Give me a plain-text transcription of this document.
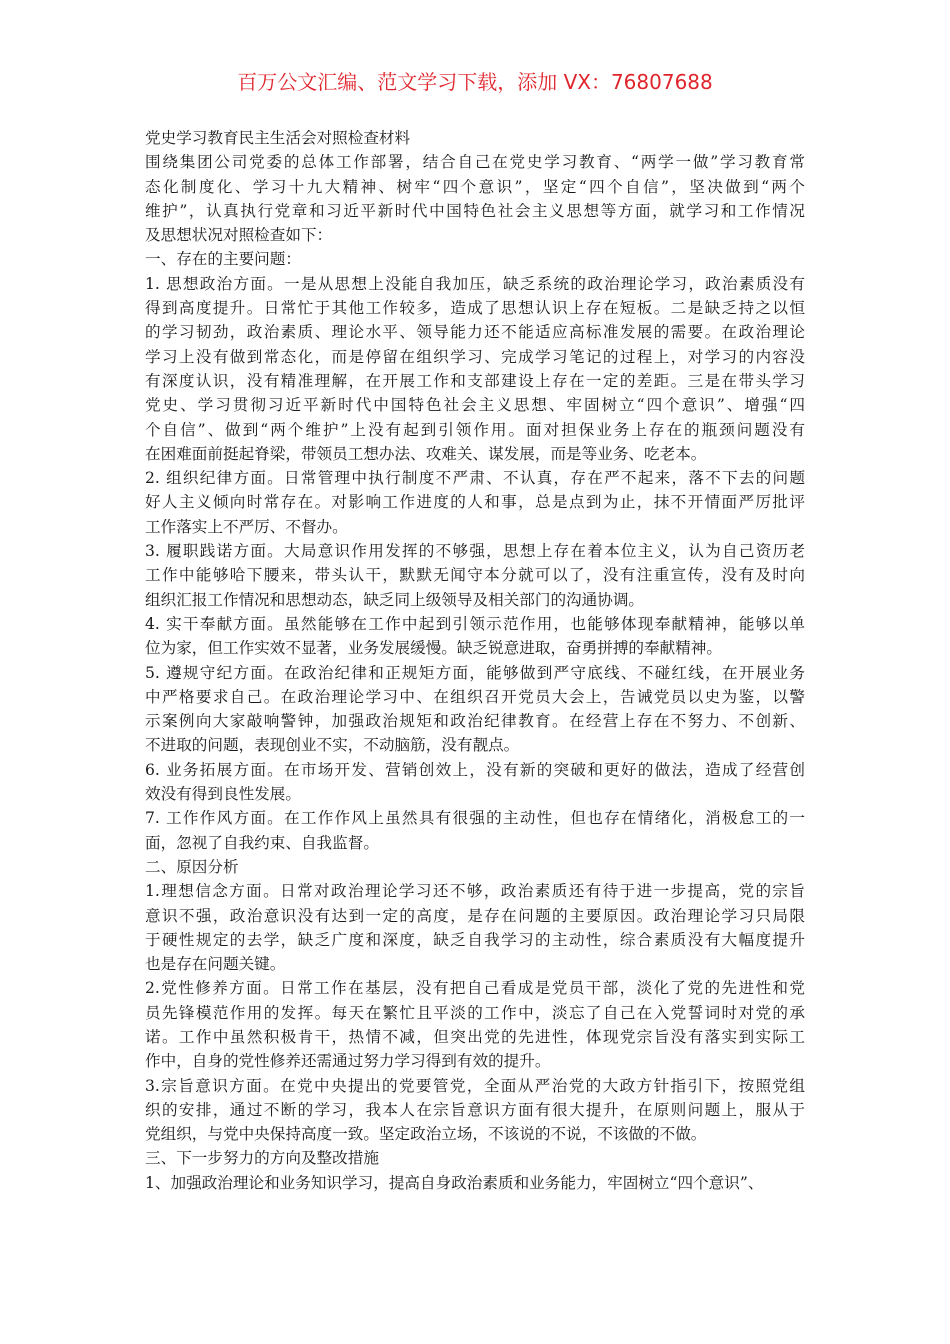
百万公文汇编、范文学习下载，添加 VX：76807688
党史学习教育民主生活会对照检查材料
围绕集团公司党委的总体工作部署，结合自己在党史学习教育、“两学一做”学习教育常
态化制度化、学习十九大精神、树牢“四个意识”，坚定“四个自信”，坚决做到“两个
维护”，认真执行党章和习近平新时代中国特色社会主义思想等方面，就学习和工作情况
及思想状况对照检查如下：
一、存在的主要问题：
1. 思想政治方面。一是从思想上没能自我加压，缺乏系统的政治理论学习，政治素质没有
得到高度提升。日常忙于其他工作较多，造成了思想认识上存在短板。二是缺乏持之以恒
的学习韧劲，政治素质、理论水平、领导能力还不能适应高标准发展的需要。在政治理论
学习上没有做到常态化，而是停留在组织学习、完成学习笔记的过程上，对学习的内容没
有深度认识，没有精准理解，在开展工作和支部建设上存在一定的差距。三是在带头学习
党史、学习贯彻习近平新时代中国特色社会主义思想、牢固树立“四个意识”、增强“四
个自信”、做到“两个维护”上没有起到引领作用。面对担保业务上存在的瓶颈问题没有
在困难面前挺起脊梁，带领员工想办法、攻难关、谋发展，而是等业务、吃老本。
2. 组织纪律方面。日常管理中执行制度不严肃、不认真，存在严不起来，落不下去的问题
好人主义倾向时常存在。对影响工作进度的人和事，总是点到为止，抹不开情面严厉批评
工作落实上不严厉、不督办。
3. 履职践诺方面。大局意识作用发挥的不够强，思想上存在着本位主义，认为自己资历老
工作中能够哈下腰来，带头认干，默默无闻守本分就可以了，没有注重宣传，没有及时向
组织汇报工作情况和思想动态，缺乏同上级领导及相关部门的沟通协调。
4. 实干奉献方面。虽然能够在工作中起到引领示范作用，也能够体现奉献精神，能够以单
位为家，但工作实效不显著，业务发展缓慢。缺乏锐意进取，奋勇拼搏的奉献精神。
5. 遵规守纪方面。在政治纪律和正规矩方面，能够做到严守底线、不碰红线，在开展业务
中严格要求自己。在政治理论学习中、在组织召开党员大会上，告诫党员以史为鉴，以警
示案例向大家敲响警钟，加强政治规矩和政治纪律教育。在经营上存在不努力、不创新、
不进取的问题，表现创业不实，不动脑筋，没有靓点。
6. 业务拓展方面。在市场开发、营销创效上，没有新的突破和更好的做法，造成了经营创
效没有得到良性发展。
7. 工作作风方面。在工作作风上虽然具有很强的主动性，但也存在情绪化，消极怠工的一
面，忽视了自我约束、自我监督。
二、原因分析
1.理想信念方面。日常对政治理论学习还不够，政治素质还有待于进一步提高，党的宗旨
意识不强，政治意识没有达到一定的高度，是存在问题的主要原因。政治理论学习只局限
于硬性规定的去学，缺乏广度和深度，缺乏自我学习的主动性，综合素质没有大幅度提升
也是存在问题关键。
2.党性修养方面。日常工作在基层，没有把自己看成是党员干部，淡化了党的先进性和党
员先锋模范作用的发挥。每天在繁忙且平淡的工作中，淡忘了自己在入党誓词时对党的承
诺。工作中虽然积极肯干，热情不减，但突出党的先进性，体现党宗旨没有落实到实际工
作中，自身的党性修养还需通过努力学习得到有效的提升。
3.宗旨意识方面。在党中央提出的党要管党，全面从严治党的大政方针指引下，按照党组
织的安排，通过不断的学习，我本人在宗旨意识方面有很大提升，在原则问题上，服从于
党组织，与党中央保持高度一致。坚定政治立场，不该说的不说，不该做的不做。
三、下一步努力的方向及整改措施
1、加强政治理论和业务知识学习，提高自身政治素质和业务能力，牢固树立“四个意识”、
